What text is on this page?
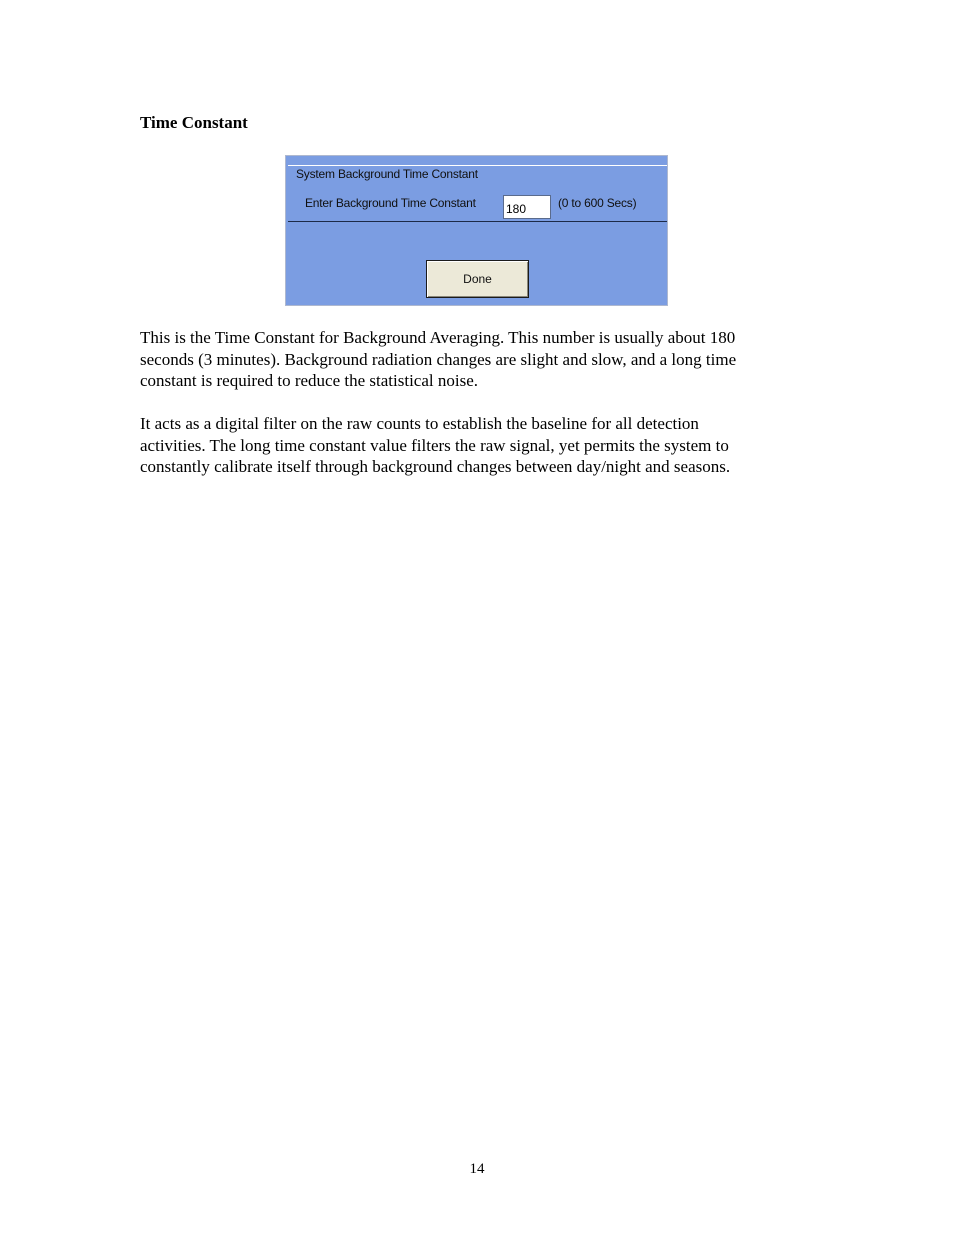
Time Constant
System Background Time Constant
Enter Background Time Constant
180	(0 to 600 Secs)
Done

This is the Time Constant for Background Averaging. This number is usually about 180
seconds (3 minutes). Background radiation changes are slight and slow, and a long time
constant is required to reduce the statistical noise.

It acts as a digital filter on the raw counts to establish the baseline for all detection
activities. The long time constant value filters the raw signal, yet permits the system to
constantly calibrate itself through background changes between day/night and seasons.

14
